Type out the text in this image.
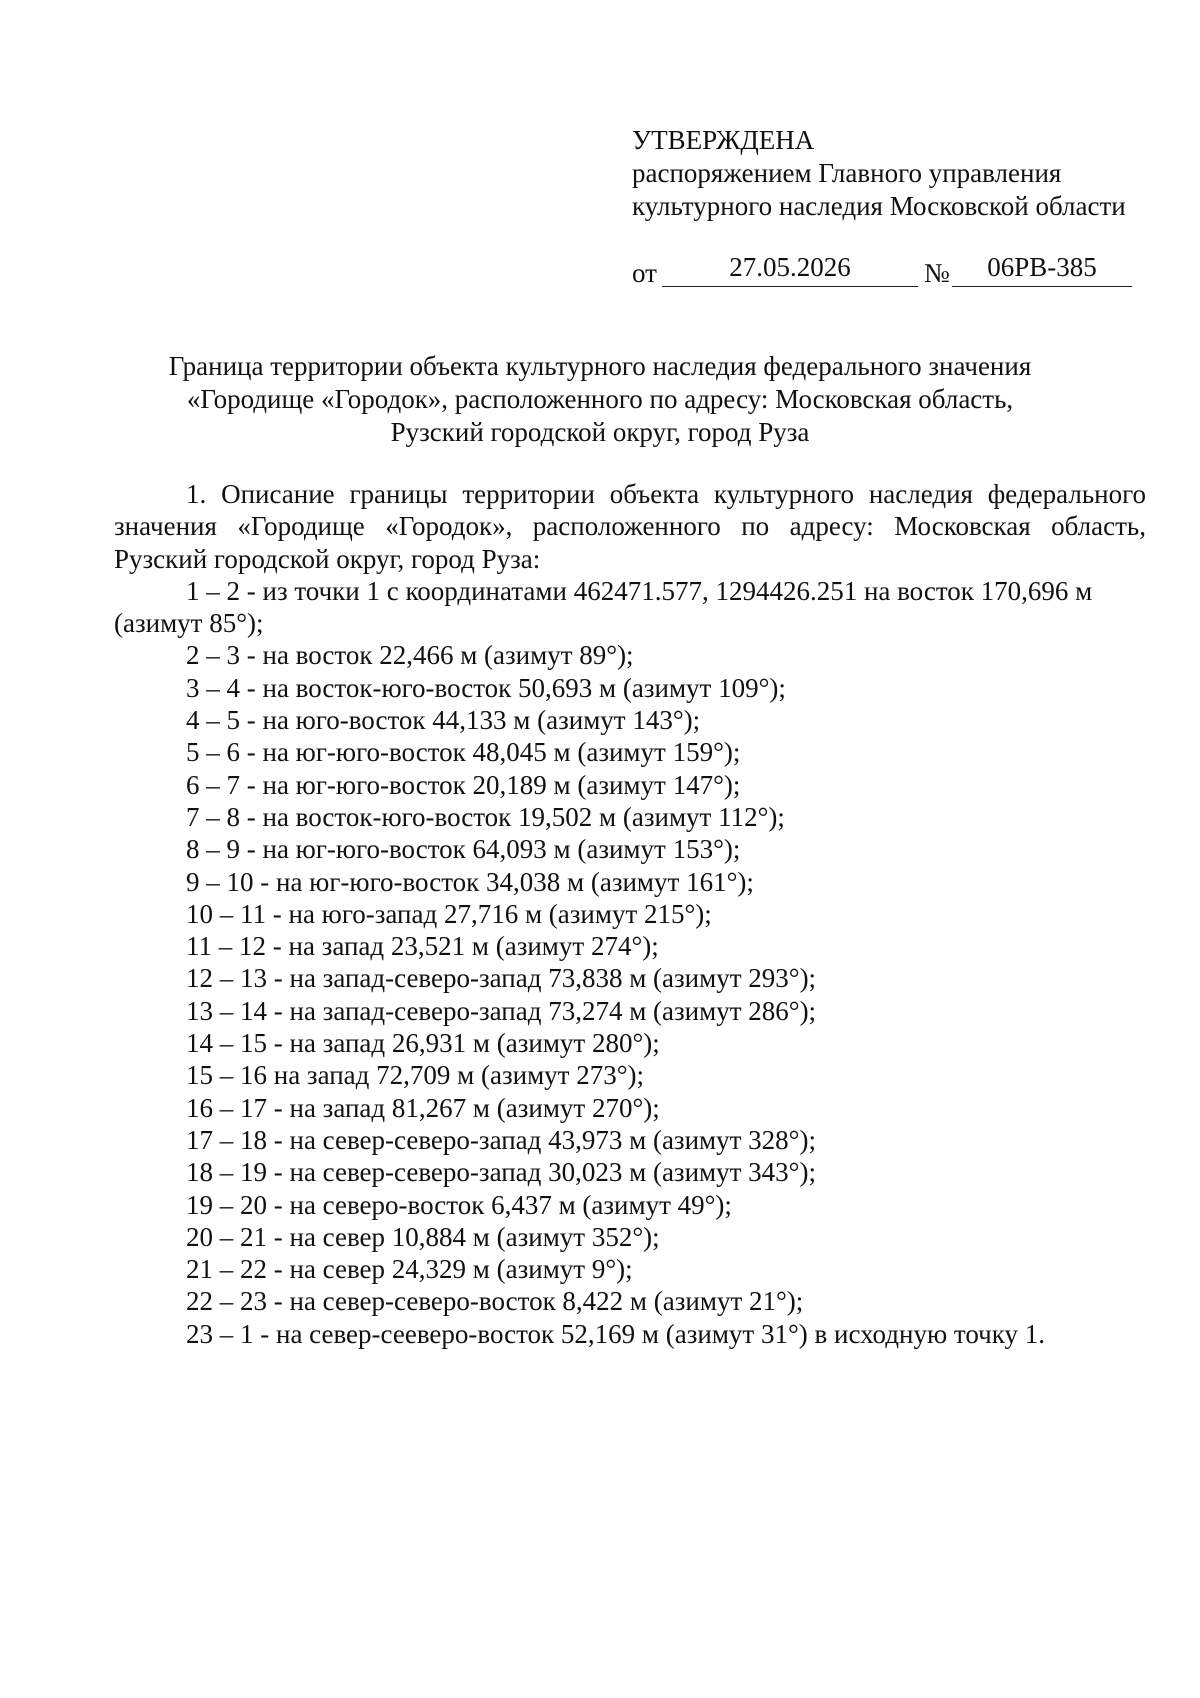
УТВЕРЖДЕНА
распоряжением Главного управления
культурного наследия Московской области
от	27.05.2026	№	06РВ-385
Граница территории объекта культурного наследия федерального значения
«Городище «Городок», расположенного по адресу: Московская область,
Рузский городской округ, город Руза

1. Описание границы территории объекта культурного наследия федерального значения «Городище «Городок», расположенного по адресу: Московская область, Рузский городской округ, город Руза:

1 – 2 - из точки 1 с координатами 462471.577, 1294426.251 на восток 170,696 м (азимут 85°);

2 – 3 - на восток 22,466 м (азимут 89°);

3 – 4 - на восток-юго-восток 50,693 м (азимут 109°);

4 – 5 - на юго-восток 44,133 м (азимут 143°);

5 – 6 - на юг-юго-восток 48,045 м (азимут 159°);

6 – 7 - на юг-юго-восток 20,189 м (азимут 147°);

7 – 8 - на восток-юго-восток 19,502 м (азимут 112°);

8 – 9 - на юг-юго-восток 64,093 м (азимут 153°);

9 – 10 - на юг-юго-восток 34,038 м (азимут 161°);

10 – 11 - на юго-запад 27,716 м (азимут 215°);

11 – 12 - на запад 23,521 м (азимут 274°);

12 – 13 - на запад-северо-запад 73,838 м (азимут 293°);

13 – 14 - на запад-северо-запад 73,274 м (азимут 286°);

14 – 15 - на запад 26,931 м (азимут 280°);

15 – 16 на запад 72,709 м (азимут 273°);

16 – 17 - на запад 81,267 м (азимут 270°);

17 – 18 - на север-северо-запад 43,973 м (азимут 328°);

18 – 19 - на север-северо-запад 30,023 м (азимут 343°);

19 – 20 - на северо-восток 6,437 м (азимут 49°);

20 – 21 - на север 10,884 м (азимут 352°);

21 – 22 - на север 24,329 м (азимут 9°);

22 – 23 - на север-северо-восток 8,422 м (азимут 21°);

23 – 1 - на север-сеeверо-восток 52,169 м (азимут 31°) в исходную точку 1.
